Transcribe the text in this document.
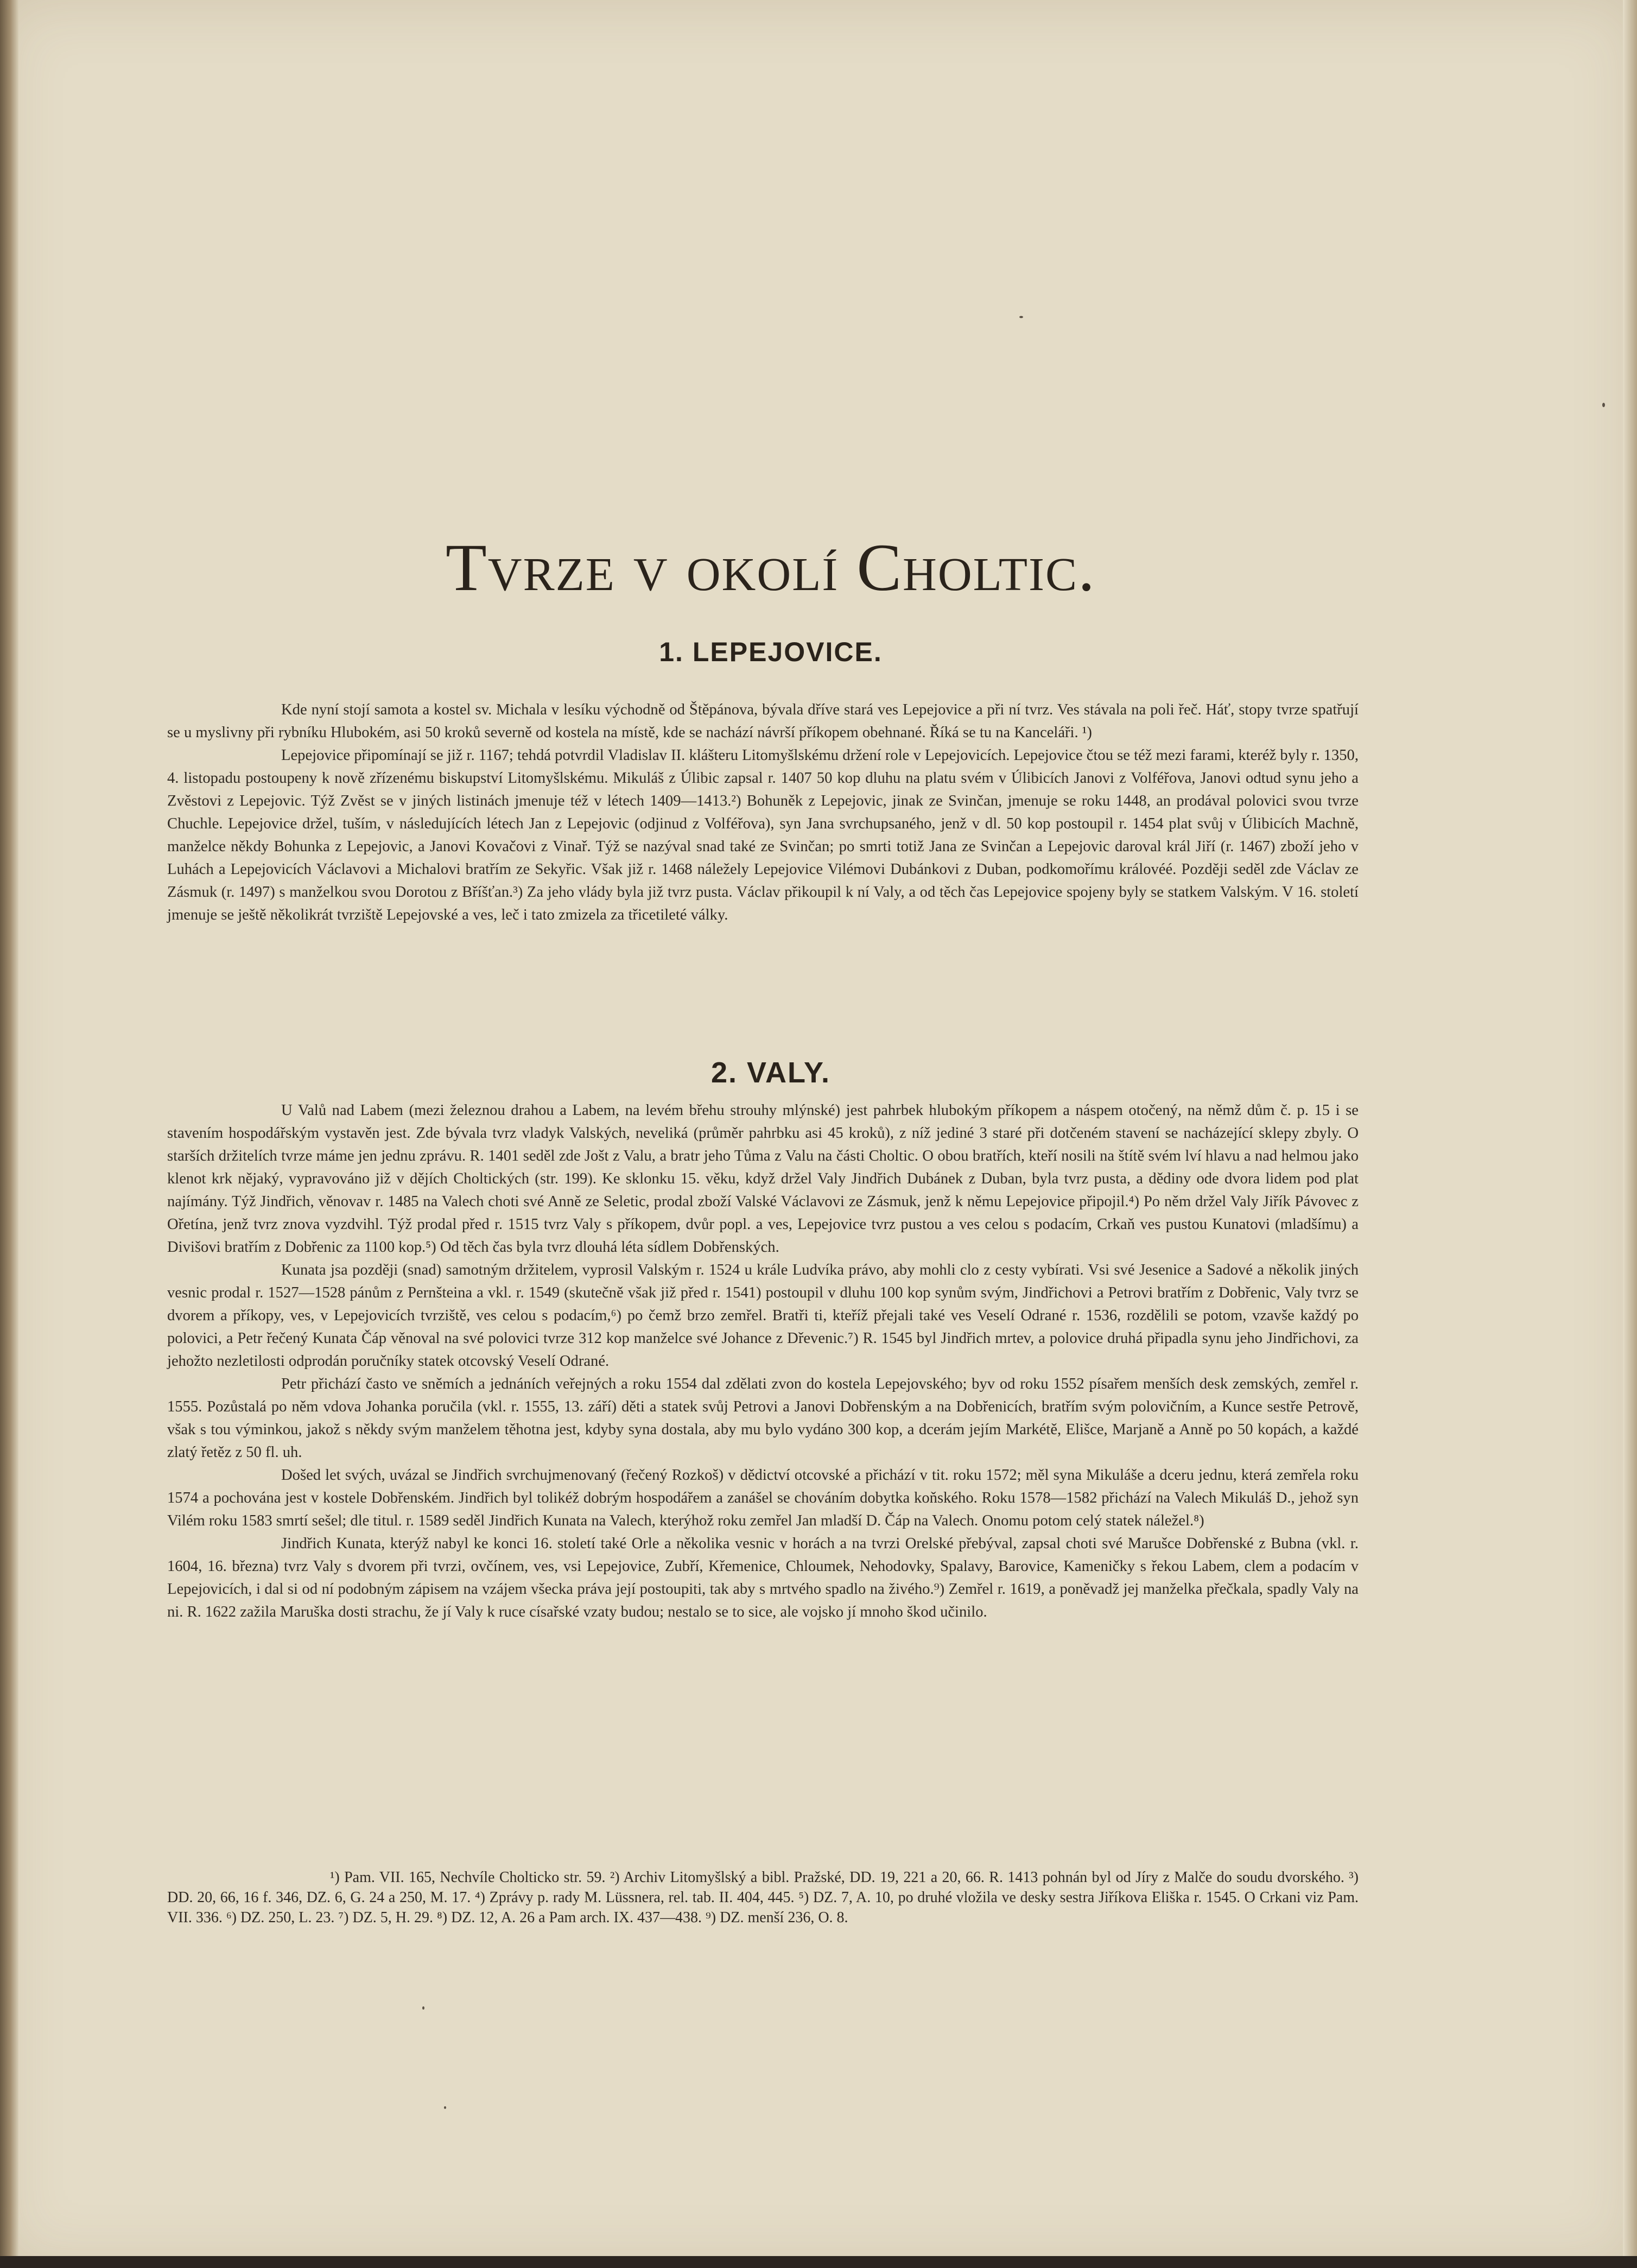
Tvrze v okolí Choltic.
1. LEPEJOVICE.

Kde nyní stojí samota a kostel sv. Michala v lesíku východně od Štěpánova, bývala dříve stará ves Lepejovice a při ní tvrz. Ves stávala na poli řeč. Háť, stopy tvrze spatřují se u myslivny při rybníku Hlubokém, asi 50 kroků severně od kostela na místě, kde se nachází návrší příkopem obehnané. Říká se tu na Kanceláři. ¹)

Lepejovice připomínají se již r. 1167; tehdá potvrdil Vladislav II. klášteru Litomyšlskému držení role v Lepejovicích. Lepejovice čtou se též mezi farami, kteréž byly r. 1350, 4. listopadu postoupeny k nově zřízenému biskupství Litomyšlskému. Mikuláš z Úlibic zapsal r. 1407 50 kop dluhu na platu svém v Úlibicích Janovi z Volféřova, Janovi odtud synu jeho a Zvěstovi z Lepejovic. Týž Zvěst se v jiných listinách jmenuje též v létech 1409—1413.²) Bohuněk z Lepejovic, jinak ze Svinčan, jmenuje se roku 1448, an prodával polovici svou tvrze Chuchle. Lepejovice držel, tuším, v následujících létech Jan z Lepejovic (odjinud z Volféřova), syn Jana svrchupsaného, jenž v dl. 50 kop postoupil r. 1454 plat svůj v Úlibicích Machně, manželce někdy Bohunka z Lepejovic, a Janovi Kovačovi z Vinař. Týž se nazýval snad také ze Svinčan; po smrti totiž Jana ze Svinčan a Lepejovic daroval král Jiří (r. 1467) zboží jeho v Luhách a Lepejovicích Václavovi a Michalovi bratřím ze Sekyřic. Však již r. 1468 náležely Lepejovice Vilémovi Dubánkovi z Duban, podkomořímu královéé. Později seděl zde Václav ze Zásmuk (r. 1497) s manželkou svou Dorotou z Bříšťan.³) Za jeho vlády byla již tvrz pusta. Václav přikoupil k ní Valy, a od těch čas Lepejovice spojeny byly se statkem Valským. V 16. století jmenuje se ještě několikrát tvrziště Lepejovské a ves, leč i tato zmizela za třicetileté války.

2. VALY.

U Valů nad Labem (mezi železnou drahou a Labem, na levém břehu strouhy mlýnské) jest pahrbek hlubokým příkopem a náspem otočený, na němž dům č. p. 15 i se stavením hospodářským vystavěn jest. Zde bývala tvrz vladyk Valských, neveliká (průměr pahrbku asi 45 kroků), z níž jediné 3 staré při dotčeném stavení se nacházející sklepy zbyly. O starších držitelích tvrze máme jen jednu zprávu. R. 1401 seděl zde Jošt z Valu, a bratr jeho Tůma z Valu na části Choltic. O obou bratřích, kteří nosili na štítě svém lví hlavu a nad helmou jako klenot krk nějaký, vypravováno již v dějích Choltických (str. 199). Ke sklonku 15. věku, když držel Valy Jindřich Dubánek z Duban, byla tvrz pusta, a dědiny ode dvora lidem pod plat najímány. Týž Jindřich, věnovav r. 1485 na Valech choti své Anně ze Seletic, prodal zboží Valské Václavovi ze Zásmuk, jenž k němu Lepejovice připojil.⁴) Po něm držel Valy Jiřík Pávovec z Ořetína, jenž tvrz znova vyzdvihl. Týž prodal před r. 1515 tvrz Valy s příkopem, dvůr popl. a ves, Lepejovice tvrz pustou a ves celou s podacím, Crkaň ves pustou Kunatovi (mladšímu) a Divišovi bratřím z Dobřenic za 1100 kop.⁵) Od těch čas byla tvrz dlouhá léta sídlem Dobřenských.

Kunata jsa později (snad) samotným držitelem, vyprosil Valským r. 1524 u krále Ludvíka právo, aby mohli clo z cesty vybírati. Vsi své Jesenice a Sadové a několik jiných vesnic prodal r. 1527—1528 pánům z Pernšteina a vkl. r. 1549 (skutečně však již před r. 1541) postoupil v dluhu 100 kop synům svým, Jindřichovi a Petrovi bratřím z Dobřenic, Valy tvrz se dvorem a příkopy, ves, v Lepejovicích tvrziště, ves celou s podacím,⁶) po čemž brzo zemřel. Bratři ti, kteříž přejali také ves Veselí Odrané r. 1536, rozdělili se potom, vzavše každý po polovici, a Petr řečený Kunata Čáp věnoval na své polovici tvrze 312 kop manželce své Johance z Dřevenic.⁷) R. 1545 byl Jindřich mrtev, a polovice druhá připadla synu jeho Jindřichovi, za jehožto nezletilosti odprodán poručníky statek otcovský Veselí Odrané.

Petr přichází často ve sněmích a jednáních veřejných a roku 1554 dal zdělati zvon do kostela Lepejovského; byv od roku 1552 písařem menších desk zemských, zemřel r. 1555. Pozůstalá po něm vdova Johanka poručila (vkl. r. 1555, 13. září) děti a statek svůj Petrovi a Janovi Dobřenským a na Dobřenicích, bratřím svým polovičním, a Kunce sestře Petrově, však s tou výminkou, jakož s někdy svým manželem těhotna jest, kdyby syna dostala, aby mu bylo vydáno 300 kop, a dcerám jejím Markétě, Elišce, Marjaně a Anně po 50 kopách, a každé zlatý řetěz z 50 fl. uh.

Došed let svých, uvázal se Jindřich svrchujmenovaný (řečený Rozkoš) v dědictví otcovské a přichází v tit. roku 1572; měl syna Mikuláše a dceru jednu, která zemřela roku 1574 a pochována jest v kostele Dobřenském. Jindřich byl tolikéž dobrým hospodářem a zanášel se chováním dobytka koňského. Roku 1578—1582 přichází na Valech Mikuláš D., jehož syn Vilém roku 1583 smrtí sešel; dle titul. r. 1589 seděl Jindřich Kunata na Valech, kterýhož roku zemřel Jan mladší D. Čáp na Valech. Onomu potom celý statek náležel.⁸)

Jindřich Kunata, kterýž nabyl ke konci 16. století také Orle a několika vesnic v horách a na tvrzi Orelské přebýval, zapsal choti své Marušce Dobřenské z Bubna (vkl. r. 1604, 16. března) tvrz Valy s dvorem při tvrzi, ovčínem, ves, vsi Lepejovice, Zubří, Křemenice, Chloumek, Nehodovky, Spalavy, Barovice, Kameničky s řekou Labem, clem a podacím v Lepejovicích, i dal si od ní podobným zápisem na vzájem všecka práva její postoupiti, tak aby s mrtvého spadlo na živého.⁹) Zemřel r. 1619, a poněvadž jej manželka přečkala, spadly Valy na ni. R. 1622 zažila Maruška dosti strachu, že jí Valy k ruce císařské vzaty budou; nestalo se to sice, ale vojsko jí mnoho škod učinilo.

¹) Pam. VII. 165, Nechvíle Cholticko str. 59. ²) Archiv Litomyšlský a bibl. Pražské, DD. 19, 221 a 20, 66. R. 1413 pohnán byl od Jíry z Malče do soudu dvorského. ³) DD. 20, 66, 16 f. 346, DZ. 6, G. 24 a 250, M. 17. ⁴) Zprávy p. rady M. Lüssnera, rel. tab. II. 404, 445. ⁵) DZ. 7, A. 10, po druhé vložila ve desky sestra Jiříkova Eliška r. 1545. O Crkani viz Pam. VII. 336. ⁶) DZ. 250, L. 23. ⁷) DZ. 5, H. 29. ⁸) DZ. 12, A. 26 a Pam arch. IX. 437—438. ⁹) DZ. menší 236, O. 8.
